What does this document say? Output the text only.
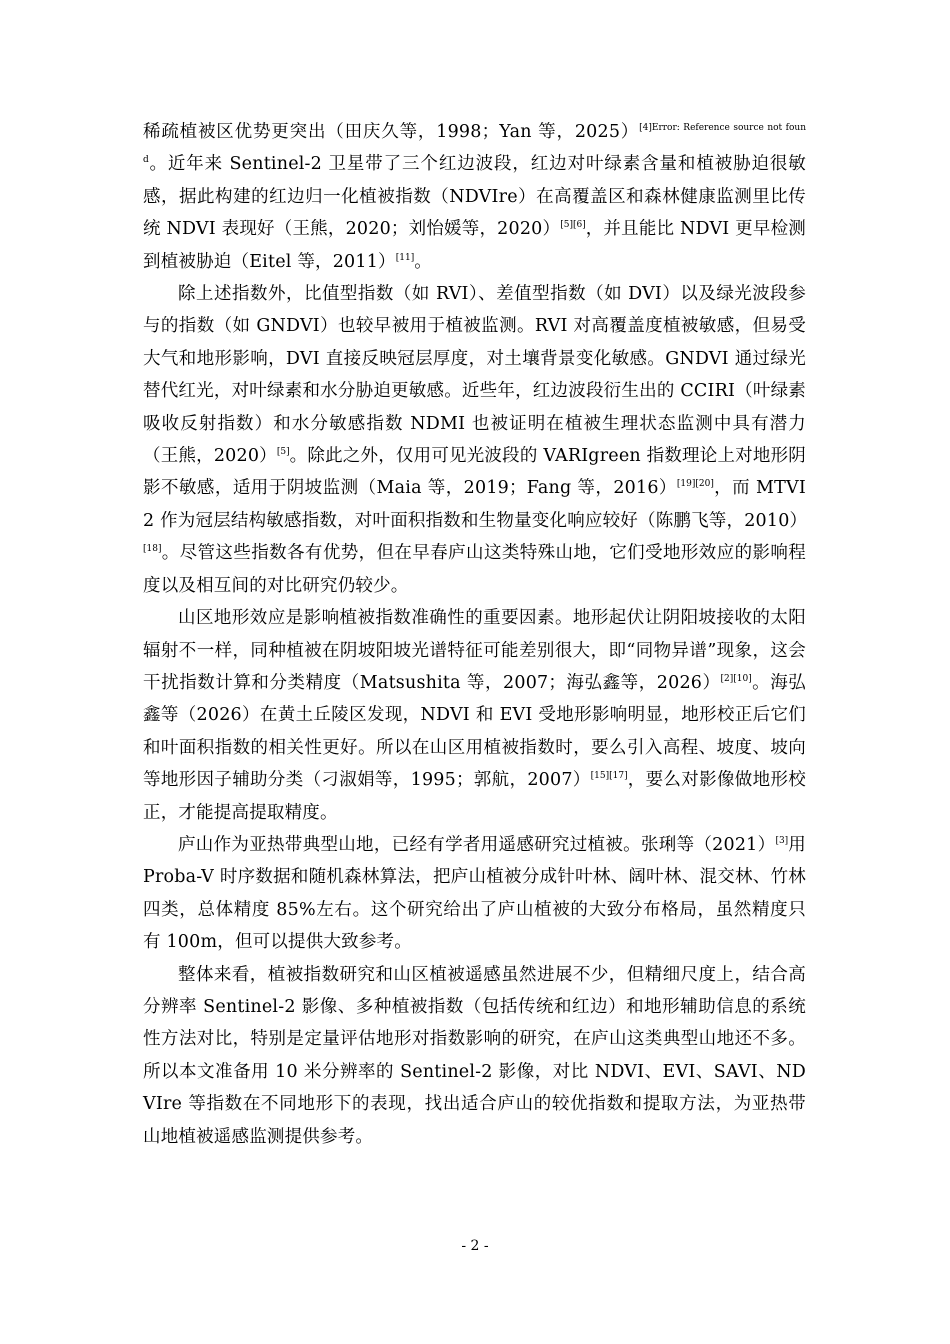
稀疏植被区优势更突出（田庆久等，1998；Yan 等，2025）$^{[4]Error: Reference source not found}$。近年来 Sentinel-2 卫星带了三个红边波段，红边对叶绿素含量和植被胁迫很敏感，据此构建的红边归一化植被指数（NDVIre）在高覆盖区和森林健康监测里比传统 NDVI 表现好（王熊，2020；刘怡媛等，2020）[5][6]，并且能比 NDVI 更早检测到植被胁迫（Eitel 等，2011）[11]。

除上述指数外，比值型指数（如 RVI）、差值型指数（如 DVI）以及绿光波段参与的指数（如 GNDVI）也较早被用于植被监测。RVI 对高覆盖度植被敏感，但易受大气和地形影响，DVI 直接反映冠层厚度，对土壤背景变化敏感。GNDVI 通过绿光替代红光，对叶绿素和水分胁迫更敏感。近些年，红边波段衍生出的 CCIRI（叶绿素吸收反射指数）和水分敏感指数 NDMI 也被证明在植被生理状态监测中具有潜力（王熊，2020）[5]。除此之外，仅用可见光波段的 VARIgreen 指数理论上对地形阴影不敏感，适用于阴坡监测（Maia 等，2019；Fang 等，2016）[19][20]，而 MTVI2 作为冠层结构敏感指数，对叶面积指数和生物量变化响应较好（陈鹏飞等，2010）[18]。尽管这些指数各有优势，但在早春庐山这类特殊山地，它们受地形效应的影响程度以及相互间的对比研究仍较少。

山区地形效应是影响植被指数准确性的重要因素。地形起伏让阴阳坡接收的太阳辐射不一样，同种植被在阴坡阳坡光谱特征可能差别很大，即“同物异谱”现象，这会干扰指数计算和分类精度（Matsushita 等，2007；海弘鑫等，2026）[2][10]。海弘鑫等（2026）在黄土丘陵区发现，NDVI 和 EVI 受地形影响明显，地形校正后它们和叶面积指数的相关性更好。所以在山区用植被指数时，要么引入高程、坡度、坡向等地形因子辅助分类（刁淑娟等，1995；郭航，2007）[15][17]，要么对影像做地形校正，才能提高提取精度。

庐山作为亚热带典型山地，已经有学者用遥感研究过植被。张琍等（2021）[3]用 Proba-V 时序数据和随机森林算法，把庐山植被分成针叶林、阔叶林、混交林、竹林四类，总体精度 85%左右。这个研究给出了庐山植被的大致分布格局，虽然精度只有 100m，但可以提供大致参考。

整体来看，植被指数研究和山区植被遥感虽然进展不少，但精细尺度上，结合高分辨率 Sentinel-2 影像、多种植被指数（包括传统和红边）和地形辅助信息的系统性方法对比，特别是定量评估地形对指数影响的研究，在庐山这类典型山地还不多。所以本文准备用 10 米分辨率的 Sentinel-2 影像，对比 NDVI、EVI、SAVI、NDVIre 等指数在不同地形下的表现，找出适合庐山的较优指数和提取方法，为亚热带山地植被遥感监测提供参考。

- 2 -
